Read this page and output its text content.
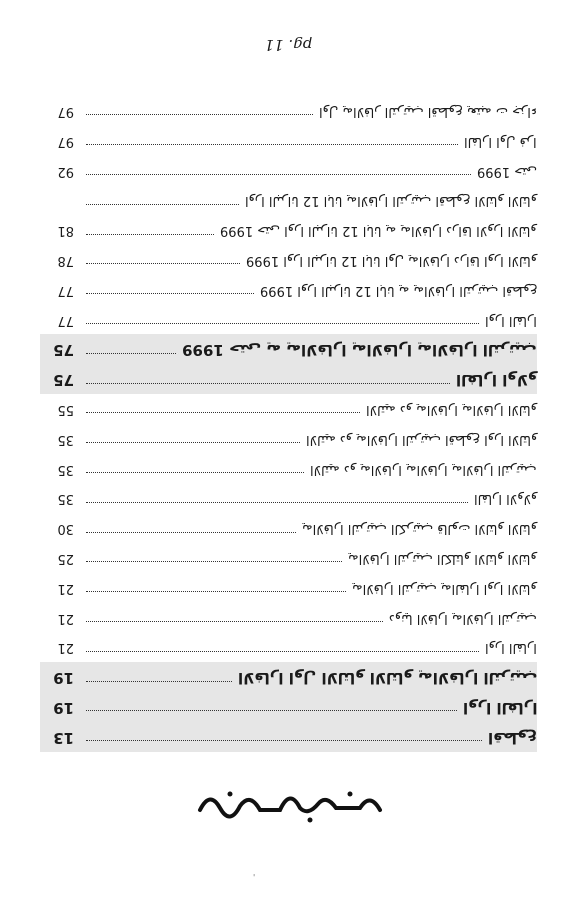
pg. 11
97	اول يه‌الافار الترتيب اقطوع يعتبه ت جزاء
97	الفارا اول فرا
92	1999 حتى
اورا البرانا 12 ابانا يه‌الافارا الترتيب اقطوع الالتاو الالتاو
81	1999 حتى اورا البرانا 12 ابانا يه يه‌الافارا دراقا الاورا الالتاو
78	1999 اورا البرانا 12 ابانا اول يه‌الافارا دراقا اورا الالتاو
77	1999 اورا البرانا 12 ابانا يه يه‌الافارا الترتيب اقطوع
77	اورا الفارا
75	1999 حتى يه يه‌الافارا يه‌الافارا يه‌الافارا الترتيب
75	الفارا اولاو
55	الالتيه دو يه‌الافارا يه‌الافارا الالتاو
35	الالتيه دو يه‌الافارا الترتيب اقطوع اورا الالتاو
35	الالتيه دو يه‌الافارا يه‌الافارا يه‌الافارا الترتيب
35	الفارا الاولاو
30	يه‌الافارا الترتيب الكرتيب قالوت الالتاو الالتاو
25	يه‌الافارا الترتيب الكلتاو الالتاو الالتاو
21	يه‌الافارا الترتيب يه‌الفارا اورا الالتاو
21	دونيا الافارا يه‌الافارا الترتيب
21	اورا الفارا
19	الافارا اول الالتاو الالتاو يه‌الافارا الترتيب
19	اورا الفارا
13	اقطوع
'
